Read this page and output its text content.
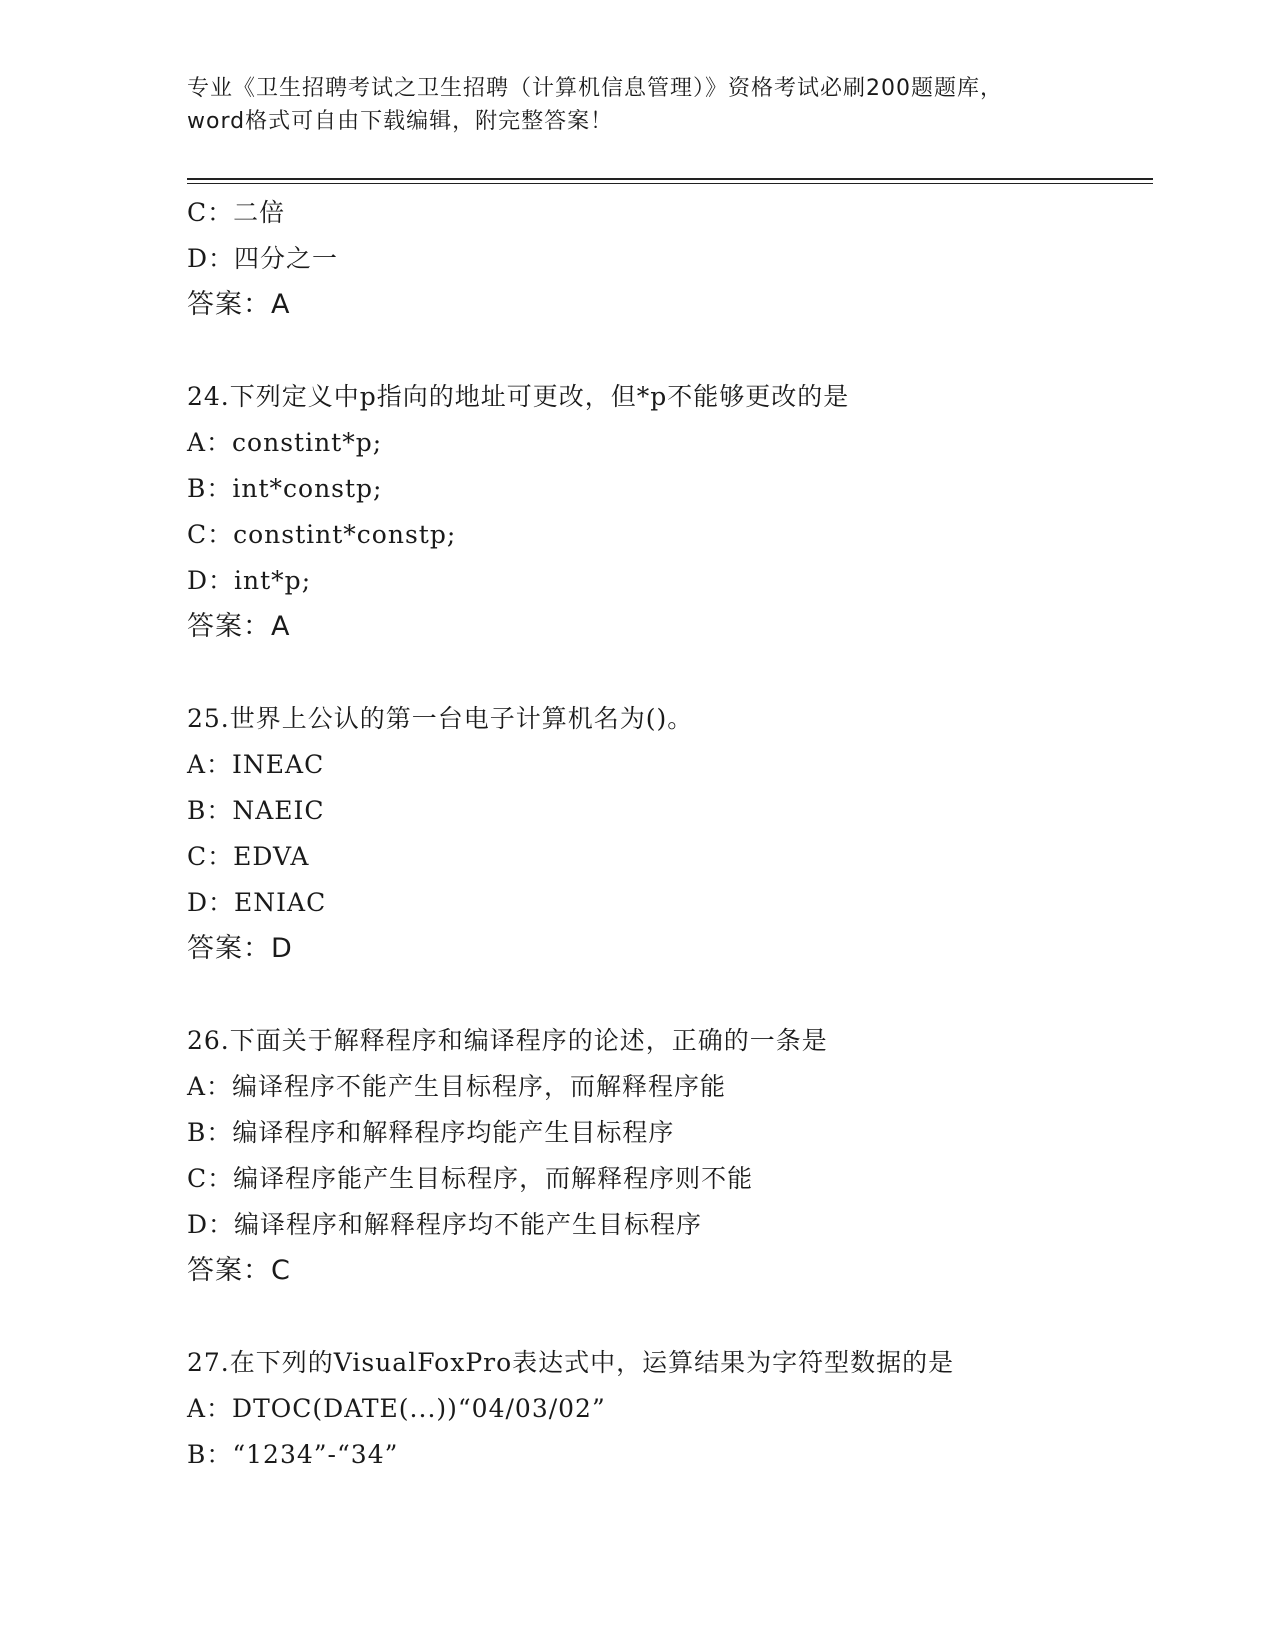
专业《卫生招聘考试之卫生招聘（计算机信息管理）》资格考试必刷200题题库，
word格式可自由下载编辑，附完整答案！
C：二倍
D：四分之一
答案：A
24.下列定义中p指向的地址可更改，但*p不能够更改的是
A：constint*p;
B：int*constp;
C：constint*constp;
D：int*p;
答案：A
25.世界上公认的第一台电子计算机名为()。
A：INEAC
B：NAEIC
C：EDVA
D：ENIAC
答案：D
26.下面关于解释程序和编译程序的论述，正确的一条是
A：编译程序不能产生目标程序，而解释程序能
B：编译程序和解释程序均能产生目标程序
C：编译程序能产生目标程序，而解释程序则不能
D：编译程序和解释程序均不能产生目标程序
答案：C
27.在下列的VisualFoxPro表达式中，运算结果为字符型数据的是
A：DTOC(DATE(...))“04/03/02”
B：“1234”-“34”
